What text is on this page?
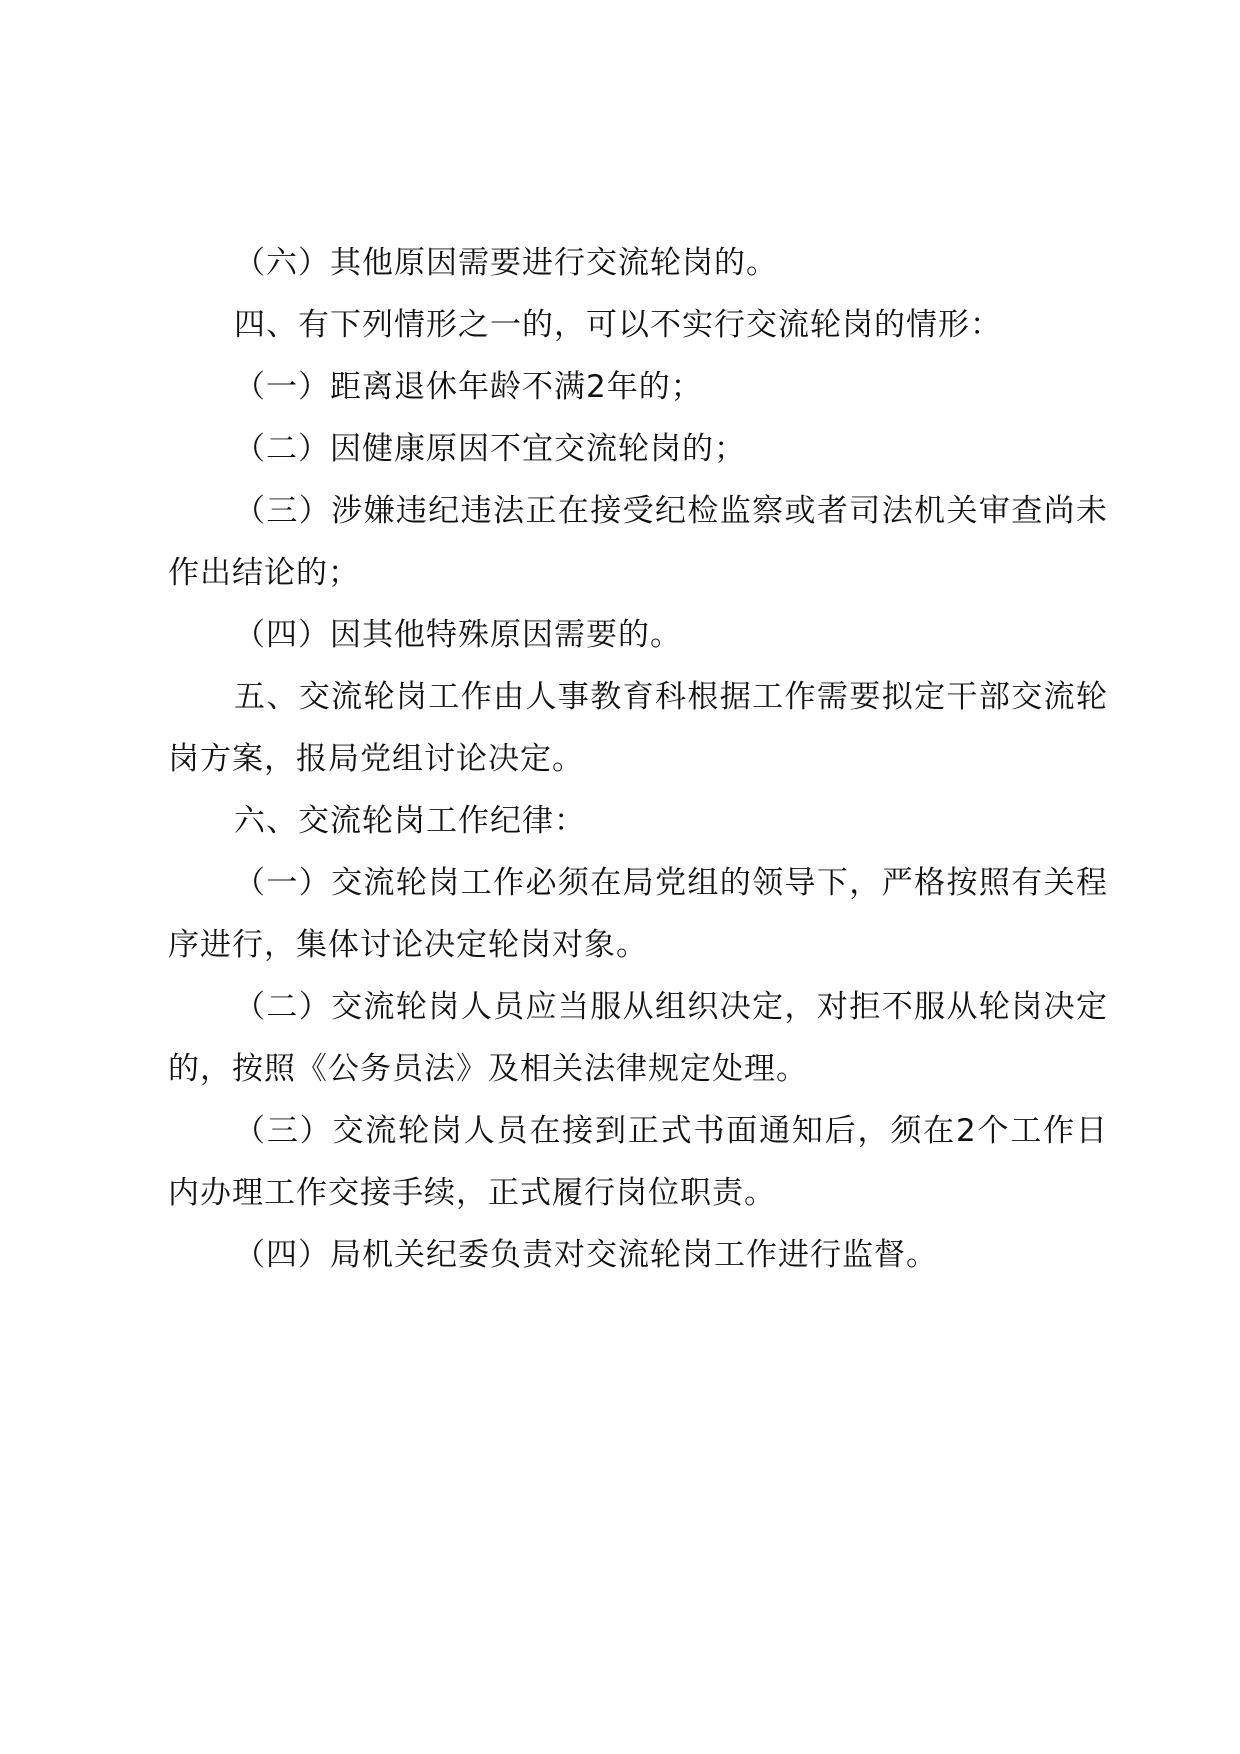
（六）其他原因需要进行交流轮岗的。

四、有下列情形之一的，可以不实行交流轮岗的情形：

（一）距离退休年龄不满2年的；

（二）因健康原因不宜交流轮岗的；

（三）涉嫌违纪违法正在接受纪检监察或者司法机关审查尚未作出结论的；

（四）因其他特殊原因需要的。

五、交流轮岗工作由人事教育科根据工作需要拟定干部交流轮岗方案，报局党组讨论决定。

六、交流轮岗工作纪律：

（一）交流轮岗工作必须在局党组的领导下，严格按照有关程序进行，集体讨论决定轮岗对象。

（二）交流轮岗人员应当服从组织决定，对拒不服从轮岗决定的，按照《公务员法》及相关法律规定处理。

（三）交流轮岗人员在接到正式书面通知后，须在2个工作日内办理工作交接手续，正式履行岗位职责。

（四）局机关纪委负责对交流轮岗工作进行监督。
